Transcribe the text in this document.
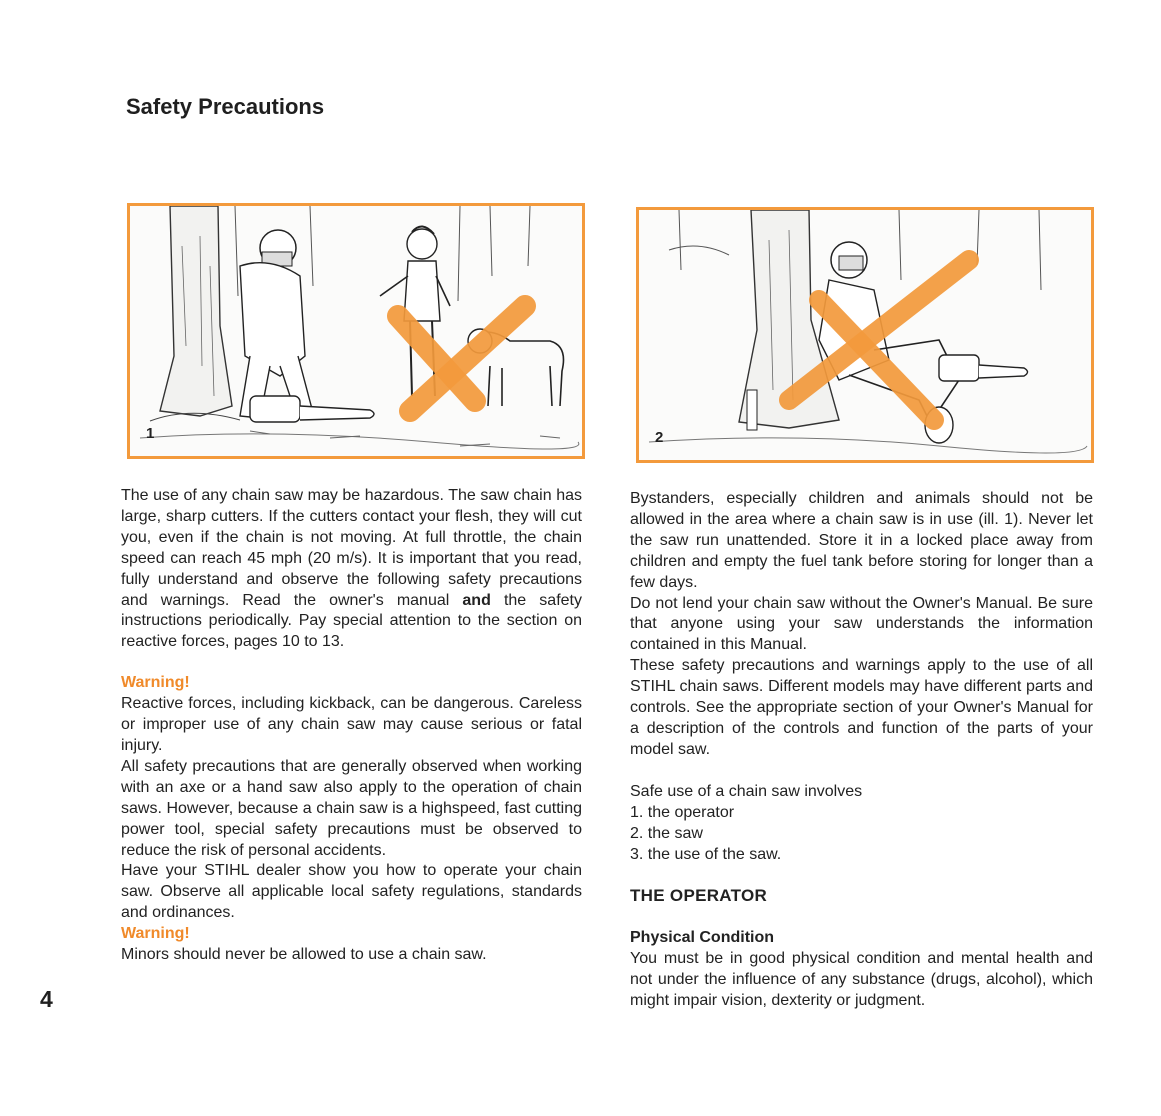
Safety Precautions
1	2

The use of any chain saw may be hazardous. The saw chain has large, sharp cutters. If the cutters contact your flesh, they will cut you, even if the chain is not moving. At full throttle, the chain speed can reach 45 mph (20 m/s). It is important that you read, fully understand and observe the following safety precautions and warnings. Read the owner's manual and the safety instructions periodically. Pay special attention to the section on reactive forces, pages 10 to 13.

Warning!

Reactive forces, including kickback, can be dangerous. Careless or improper use of any chain saw may cause serious or fatal injury.

All safety precautions that are generally observed when working with an axe or a hand saw also apply to the operation of chain saws. However, because a chain saw is a highspeed, fast cutting power tool, special safety precautions must be observed to reduce the risk of personal accidents.

Have your STIHL dealer show you how to operate your chain saw. Observe all applicable local safety regulations, standards and ordinances.

Warning!

Minors should never be allowed to use a chain saw.

Bystanders, especially children and animals should not be allowed in the area where a chain saw is in use (ill. 1). Never let the saw run unattended. Store it in a locked place away from children and empty the fuel tank before storing for longer than a few days.

Do not lend your chain saw without the Owner's Manual. Be sure that anyone using your saw understands the information contained in this Manual.

These safety precautions and warnings apply to the use of all STIHL chain saws. Different models may have different parts and controls. See the appropriate section of your Owner's Manual for a description of the controls and function of the parts of your model saw.

Safe use of a chain saw involves

1. the operator
2. the saw
3. the use of the saw.

THE OPERATOR

Physical Condition

You must be in good physical condition and mental health and not under the influence of any substance (drugs, alcohol), which might impair vision, dexterity or judgment.

4
